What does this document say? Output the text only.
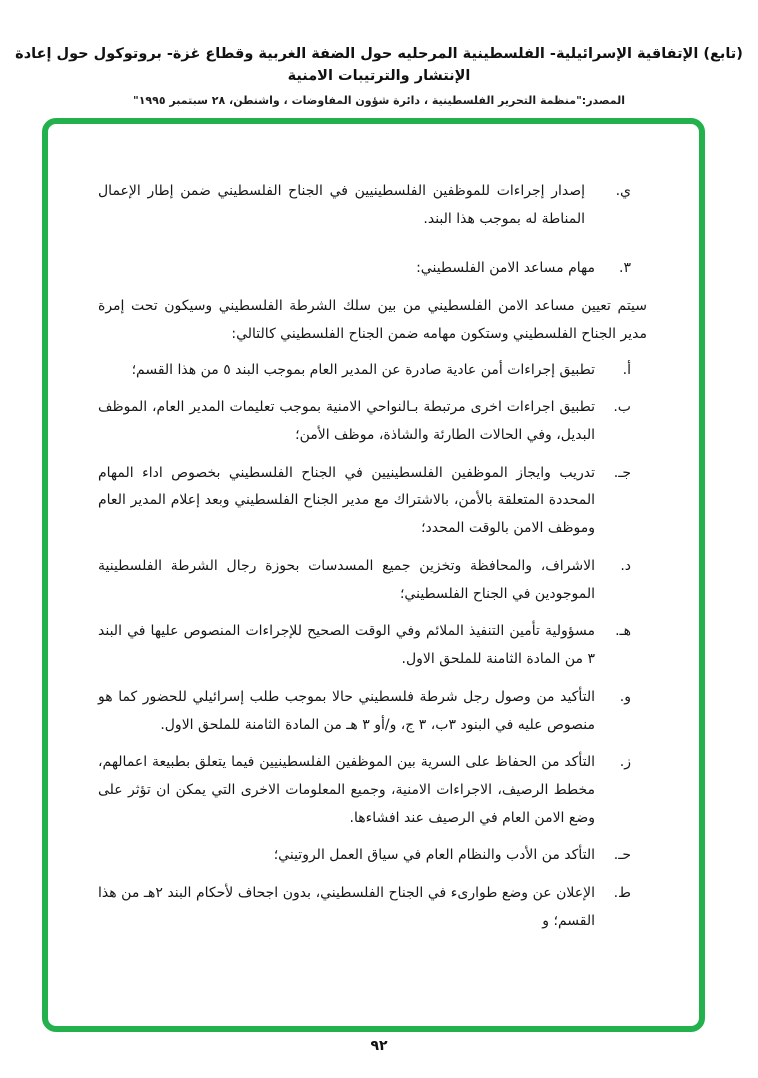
(تابع) الإتفاقية الإسرائيلية- الفلسطينية المرحليه حول الضفة الغربية وقطاع غزة- بروتوكول حول إعادة الإنتشار والترتيبات الامنية
المصدر:"منظمة التحرير الفلسطينية ، دائرة شؤون المفاوضات ، واشنطن، ٢٨ سبتمبر ١٩٩٥"
ي.
إصدار إجراءات للموظفين الفلسطينيين في الجناح الفلسطيني ضمن إطار الإعمال المناطة له بموجب هذا البند.
٣.
مهام مساعد الامن الفلسطيني:

سيتم تعيين مساعد الامن الفلسطيني من بين سلك الشرطة الفلسطيني وسيكون تحت إمرة مدير الجناح الفلسطيني وستكون مهامه ضمن الجناح الفلسطيني كالتالي:

أ.
تطبيق إجراءات أمن عادية صادرة عن المدير العام بموجب البند ٥ من هذا القسم؛
ب.
تطبيق اجراءات اخرى مرتبطة بـالنواحي الامنية بموجب تعليمات المدير العام، الموظف البديل، وفي الحالات الطارئة والشاذة، موظف الأمن؛
جـ.
تدريب وايجاز الموظفين الفلسطينيين في الجناح الفلسطيني بخصوص اداء المهام المحددة المتعلقة بالأمن، بالاشتراك مع مدير الجناح الفلسطيني وبعد إعلام المدير العام وموظف الامن بالوقت المحدد؛
د.
الاشراف، والمحافظة وتخزين جميع المسدسات بحوزة رجال الشرطة الفلسطينية الموجودين في الجناح الفلسطيني؛
هـ.
مسؤولية تأمين التنفيذ الملائم وفي الوقت الصحيح للإجراءات المنصوص عليها في البند ٣ من المادة الثامنة للملحق الاول.
و.
التأكيد من وصول رجل شرطة فلسطيني حالا بموجب طلب إسرائيلي للحضور كما هو منصوص عليه في البنود ٣ب، ٣ ج، و/أو ٣ هـ من المادة الثامنة للملحق الاول.
ز.
التأكد من الحفاظ على السرية بين الموظفين الفلسطينيين فيما يتعلق بطبيعة اعمالهم، مخطط الرصيف، الاجراءات الامنية، وجميع المعلومات الاخرى التي يمكن ان تؤثر على وضع الامن العام في الرصيف عند افشاءها.
حـ.
التأكد من الأدب والنظام العام في سياق العمل الروتيني؛
ط.
الإعلان عن وضع طوارىء في الجناح الفلسطيني، بدون اجحاف لأحكام البند ٢هـ من هذا القسم؛ و
٩٢
